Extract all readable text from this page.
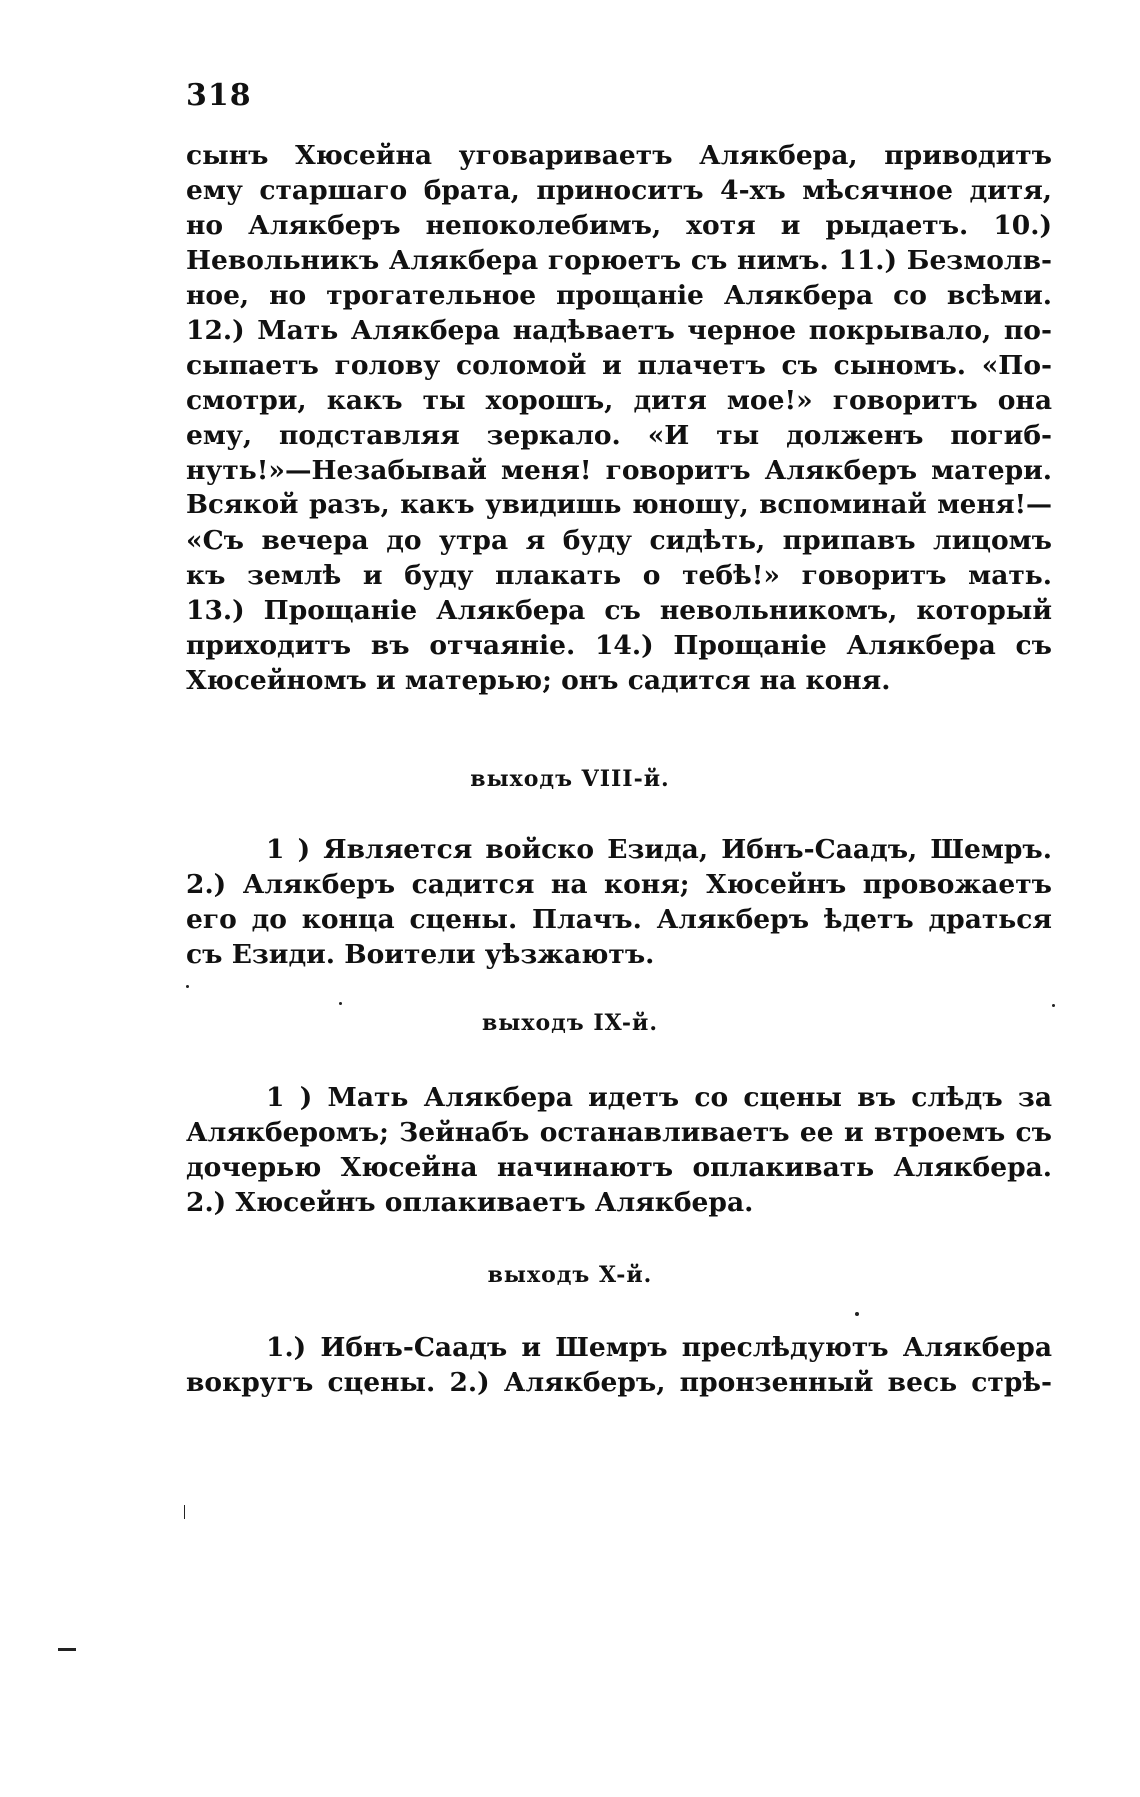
318
сынъ Хюсейна уговариваетъ Алякбера, приводитъ
ему старшаго брата, приноситъ 4-хъ мѣсячное дитя,
но Алякберъ непоколебимъ, хотя и рыдаетъ. 10.)
Невольникъ Алякбера горюетъ съ нимъ. 11.) Безмолв-
ное, но трогательное прощаніе Алякбера со всѣми.
12.) Мать Алякбера надѣваетъ черное покрывало, по-
сыпаетъ голову соломой и плачетъ съ сыномъ. «По-
смотри, какъ ты хорошъ, дитя мое!» говоритъ она
ему, подставляя зеркало. «И ты долженъ погиб-
нуть!»—Незабывай меня! говоритъ Алякберъ матери.
Всякой разъ, какъ увидишь юношу, вспоминай меня!—
«Съ вечера до утра я буду сидѣть, припавъ лицомъ
къ землѣ и буду плакать о тебѣ!» говоритъ мать.
13.) Прощаніе Алякбера съ невольникомъ, который
приходитъ въ отчаяніе. 14.) Прощаніе Алякбера съ
Хюсейномъ и матерью; онъ садится на коня.
выходъ VIII-й.
1 ) Является войско Езида, Ибнъ-Саадъ, Шемръ.
2.) Алякберъ садится на коня; Хюсейнъ провожаетъ
его до конца сцены. Плачъ. Алякберъ ѣдетъ драться
съ Езиди. Воители уѣзжаютъ.
выходъ IX-й.
1 ) Мать Алякбера идетъ со сцены въ слѣдъ за
Алякберомъ; Зейнабъ останавливаетъ ее и втроемъ съ
дочерью Хюсейна начинаютъ оплакивать Алякбера.
2.) Хюсейнъ оплакиваетъ Алякбера.
выходъ X-й.
1.) Ибнъ-Саадъ и Шемръ преслѣдуютъ Алякбера
вокругъ сцены. 2.) Алякберъ, пронзенный весь стрѣ-
